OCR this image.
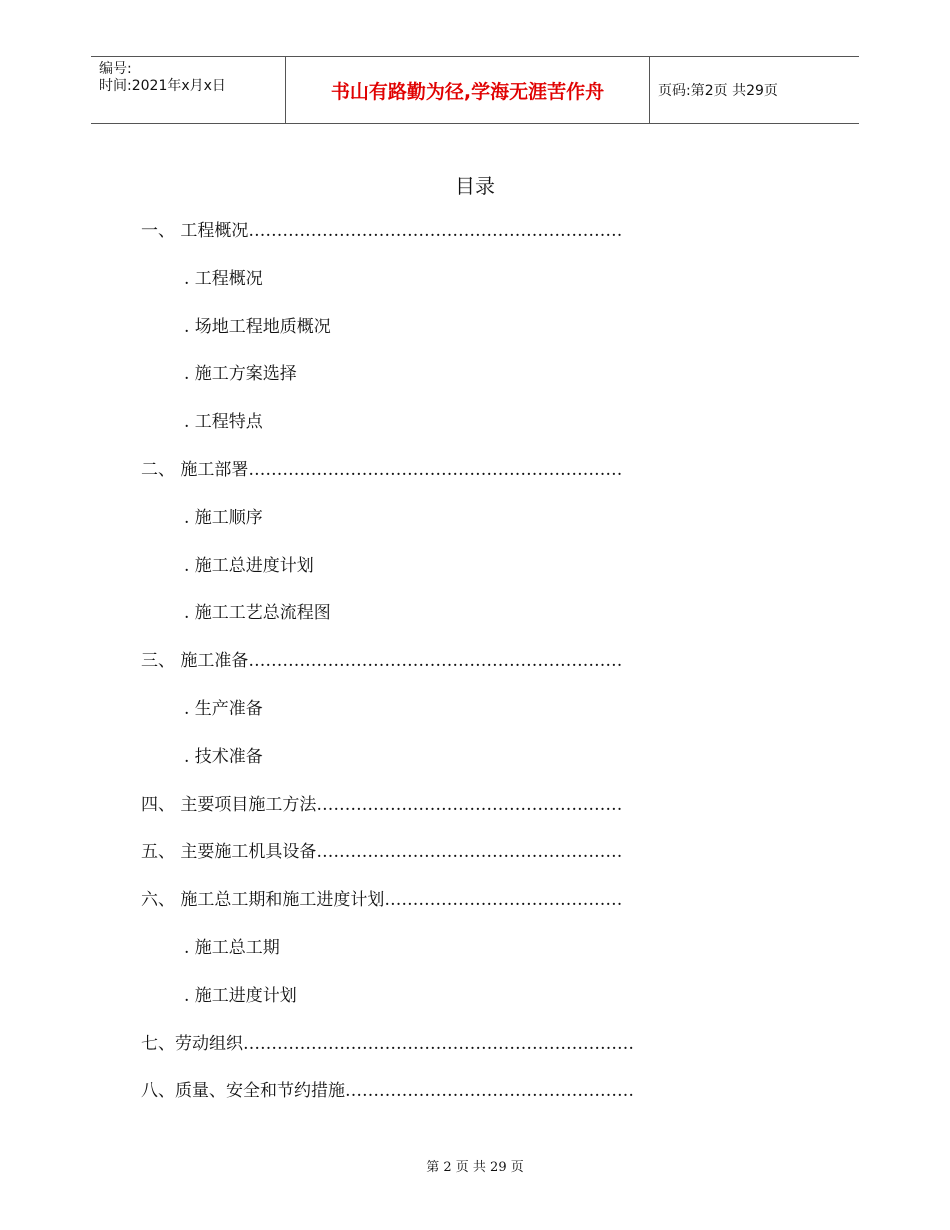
编号:
时间:2021年x月x日	书山有路勤为径,学海无涯苦作舟	页码:第2页 共29页
目录
一、 工程概况…………………………………………………………
. 工程概况
. 场地工程地质概况
. 施工方案选择
. 工程特点
二、 施工部署…………………………………………………………
. 施工顺序
. 施工总进度计划
. 施工工艺总流程图
三、 施工准备…………………………………………………………
. 生产准备
. 技术准备
四、 主要项目施工方法………………………………………………
五、 主要施工机具设备………………………………………………
六、 施工总工期和施工进度计划……………………………………
. 施工总工期
. 施工进度计划
七、劳动组织……………………………………………………………
八、质量、安全和节约措施……………………………………………
第 2 页 共 29 页
